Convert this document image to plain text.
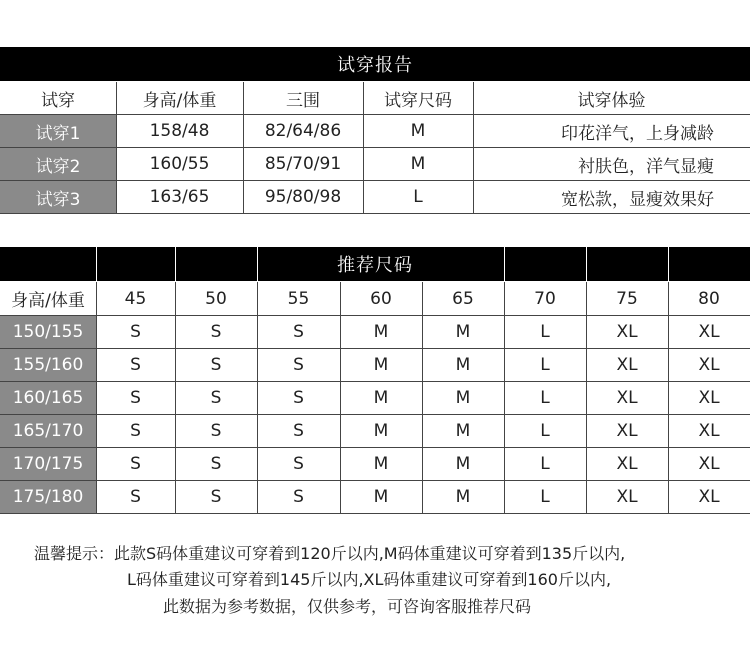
试穿报告
试穿	身高/体重	三围	试穿尺码	试穿体验
试穿1	158/48	82/64/86	M	印花洋气，上身减龄
试穿2	160/55	85/70/91	M	衬肤色，洋气显瘦
试穿3	163/65	95/80/98	L	宽松款，显瘦效果好
推荐尺码
身高/体重	45	50	55	60	65	70	75	80
150/155	S	S	S	M	M	L	XL	XL
155/160	S	S	S	M	M	L	XL	XL
160/165	S	S	S	M	M	L	XL	XL
165/170	S	S	S	M	M	L	XL	XL
170/175	S	S	S	M	M	L	XL	XL
175/180	S	S	S	M	M	L	XL	XL
温馨提示：此款S码体重建议可穿着到120斤以内,M码体重建议可穿着到135斤以内,
L码体重建议可穿着到145斤以内,XL码体重建议可穿着到160斤以内,
此数据为参考数据，仅供参考，可咨询客服推荐尺码
